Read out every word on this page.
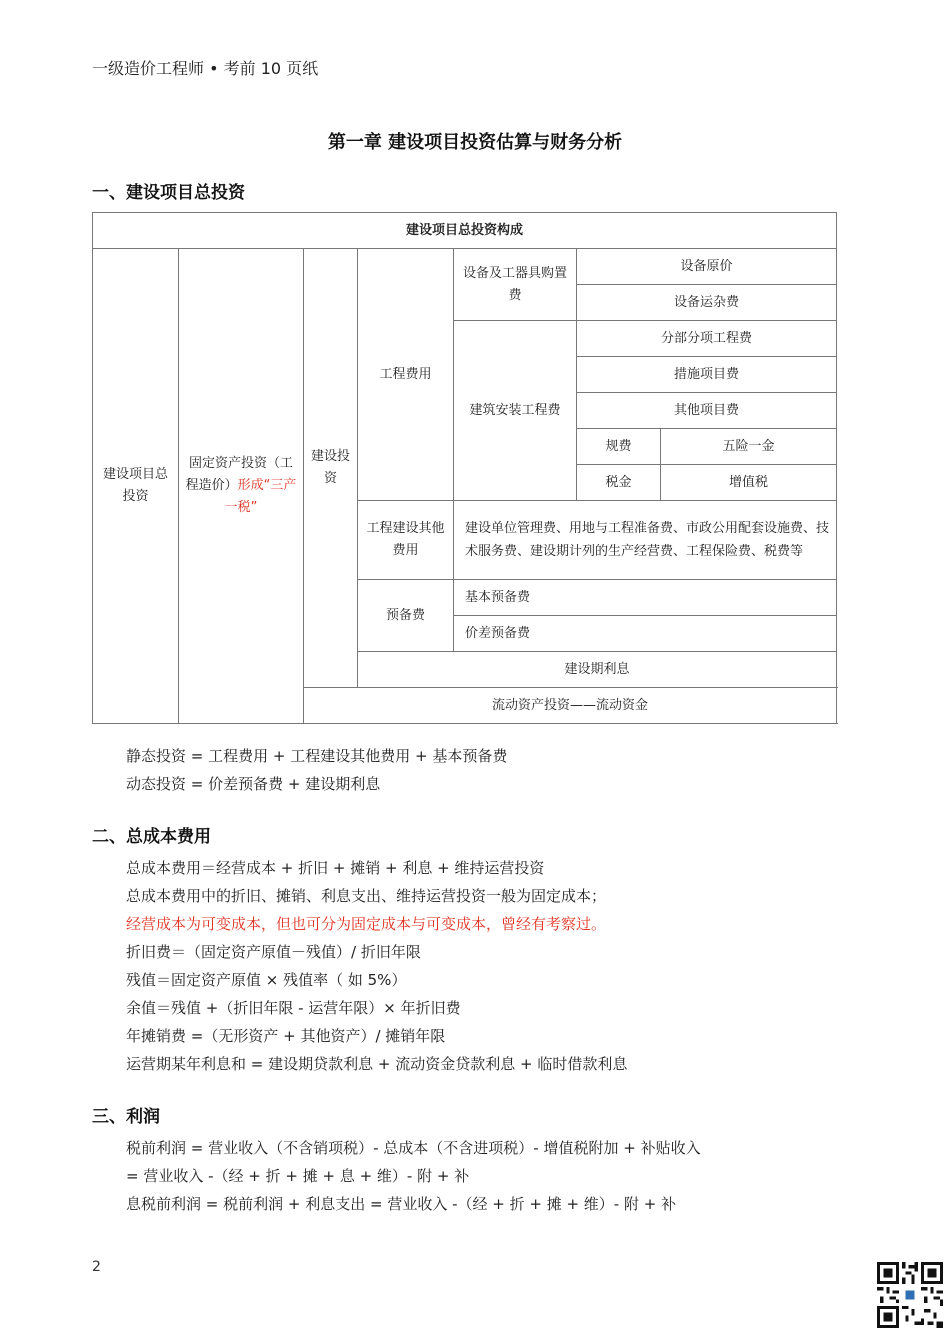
一级造价工程师 • 考前 10 页纸
第一章 建设项目投资估算与财务分析
一、建设项目总投资
建设项目总投资构成						
建设项目总投资	固定资产投资（工程造价）形成“三产一税”	建设投资	工程费用	设备及工器具购置费	设备原价	
					设备运杂费	
				建筑安装工程费	分部分项工程费	
					措施项目费	
					其他项目费	
					规费	五险一金
					税金	增值税
			工程建设其他费用	建设单位管理费、用地与工程准备费、市政公用配套设施费、技术服务费、建设期计列的生产经营费、工程保险费、税费等		
			预备费	基本预备费		
				价差预备费		
			建设期利息			
		流动资产投资——流动资金				
静态投资 = 工程费用 + 工程建设其他费用 + 基本预备费
动态投资 = 价差预备费 + 建设期利息
二、总成本费用
总成本费用＝经营成本 + 折旧 + 摊销 + 利息 + 维持运营投资
总成本费用中的折旧、摊销、利息支出、维持运营投资一般为固定成本；
经营成本为可变成本，但也可分为固定成本与可变成本，曾经有考察过。
折旧费＝（固定资产原值－残值）/ 折旧年限
残值＝固定资产原值 × 残值率（ 如 5%）
余值＝残值 +（折旧年限 - 运营年限）× 年折旧费
年摊销费 =（无形资产 + 其他资产）/ 摊销年限
运营期某年利息和 = 建设期贷款利息 + 流动资金贷款利息 + 临时借款利息
三、利润
税前利润 = 营业收入（不含销项税）- 总成本（不含进项税）- 增值税附加 + 补贴收入
= 营业收入 -（经 + 折 + 摊 + 息 + 维）- 附 + 补
息税前利润 = 税前利润 + 利息支出 = 营业收入 -（经 + 折 + 摊 + 维）- 附 + 补
2
